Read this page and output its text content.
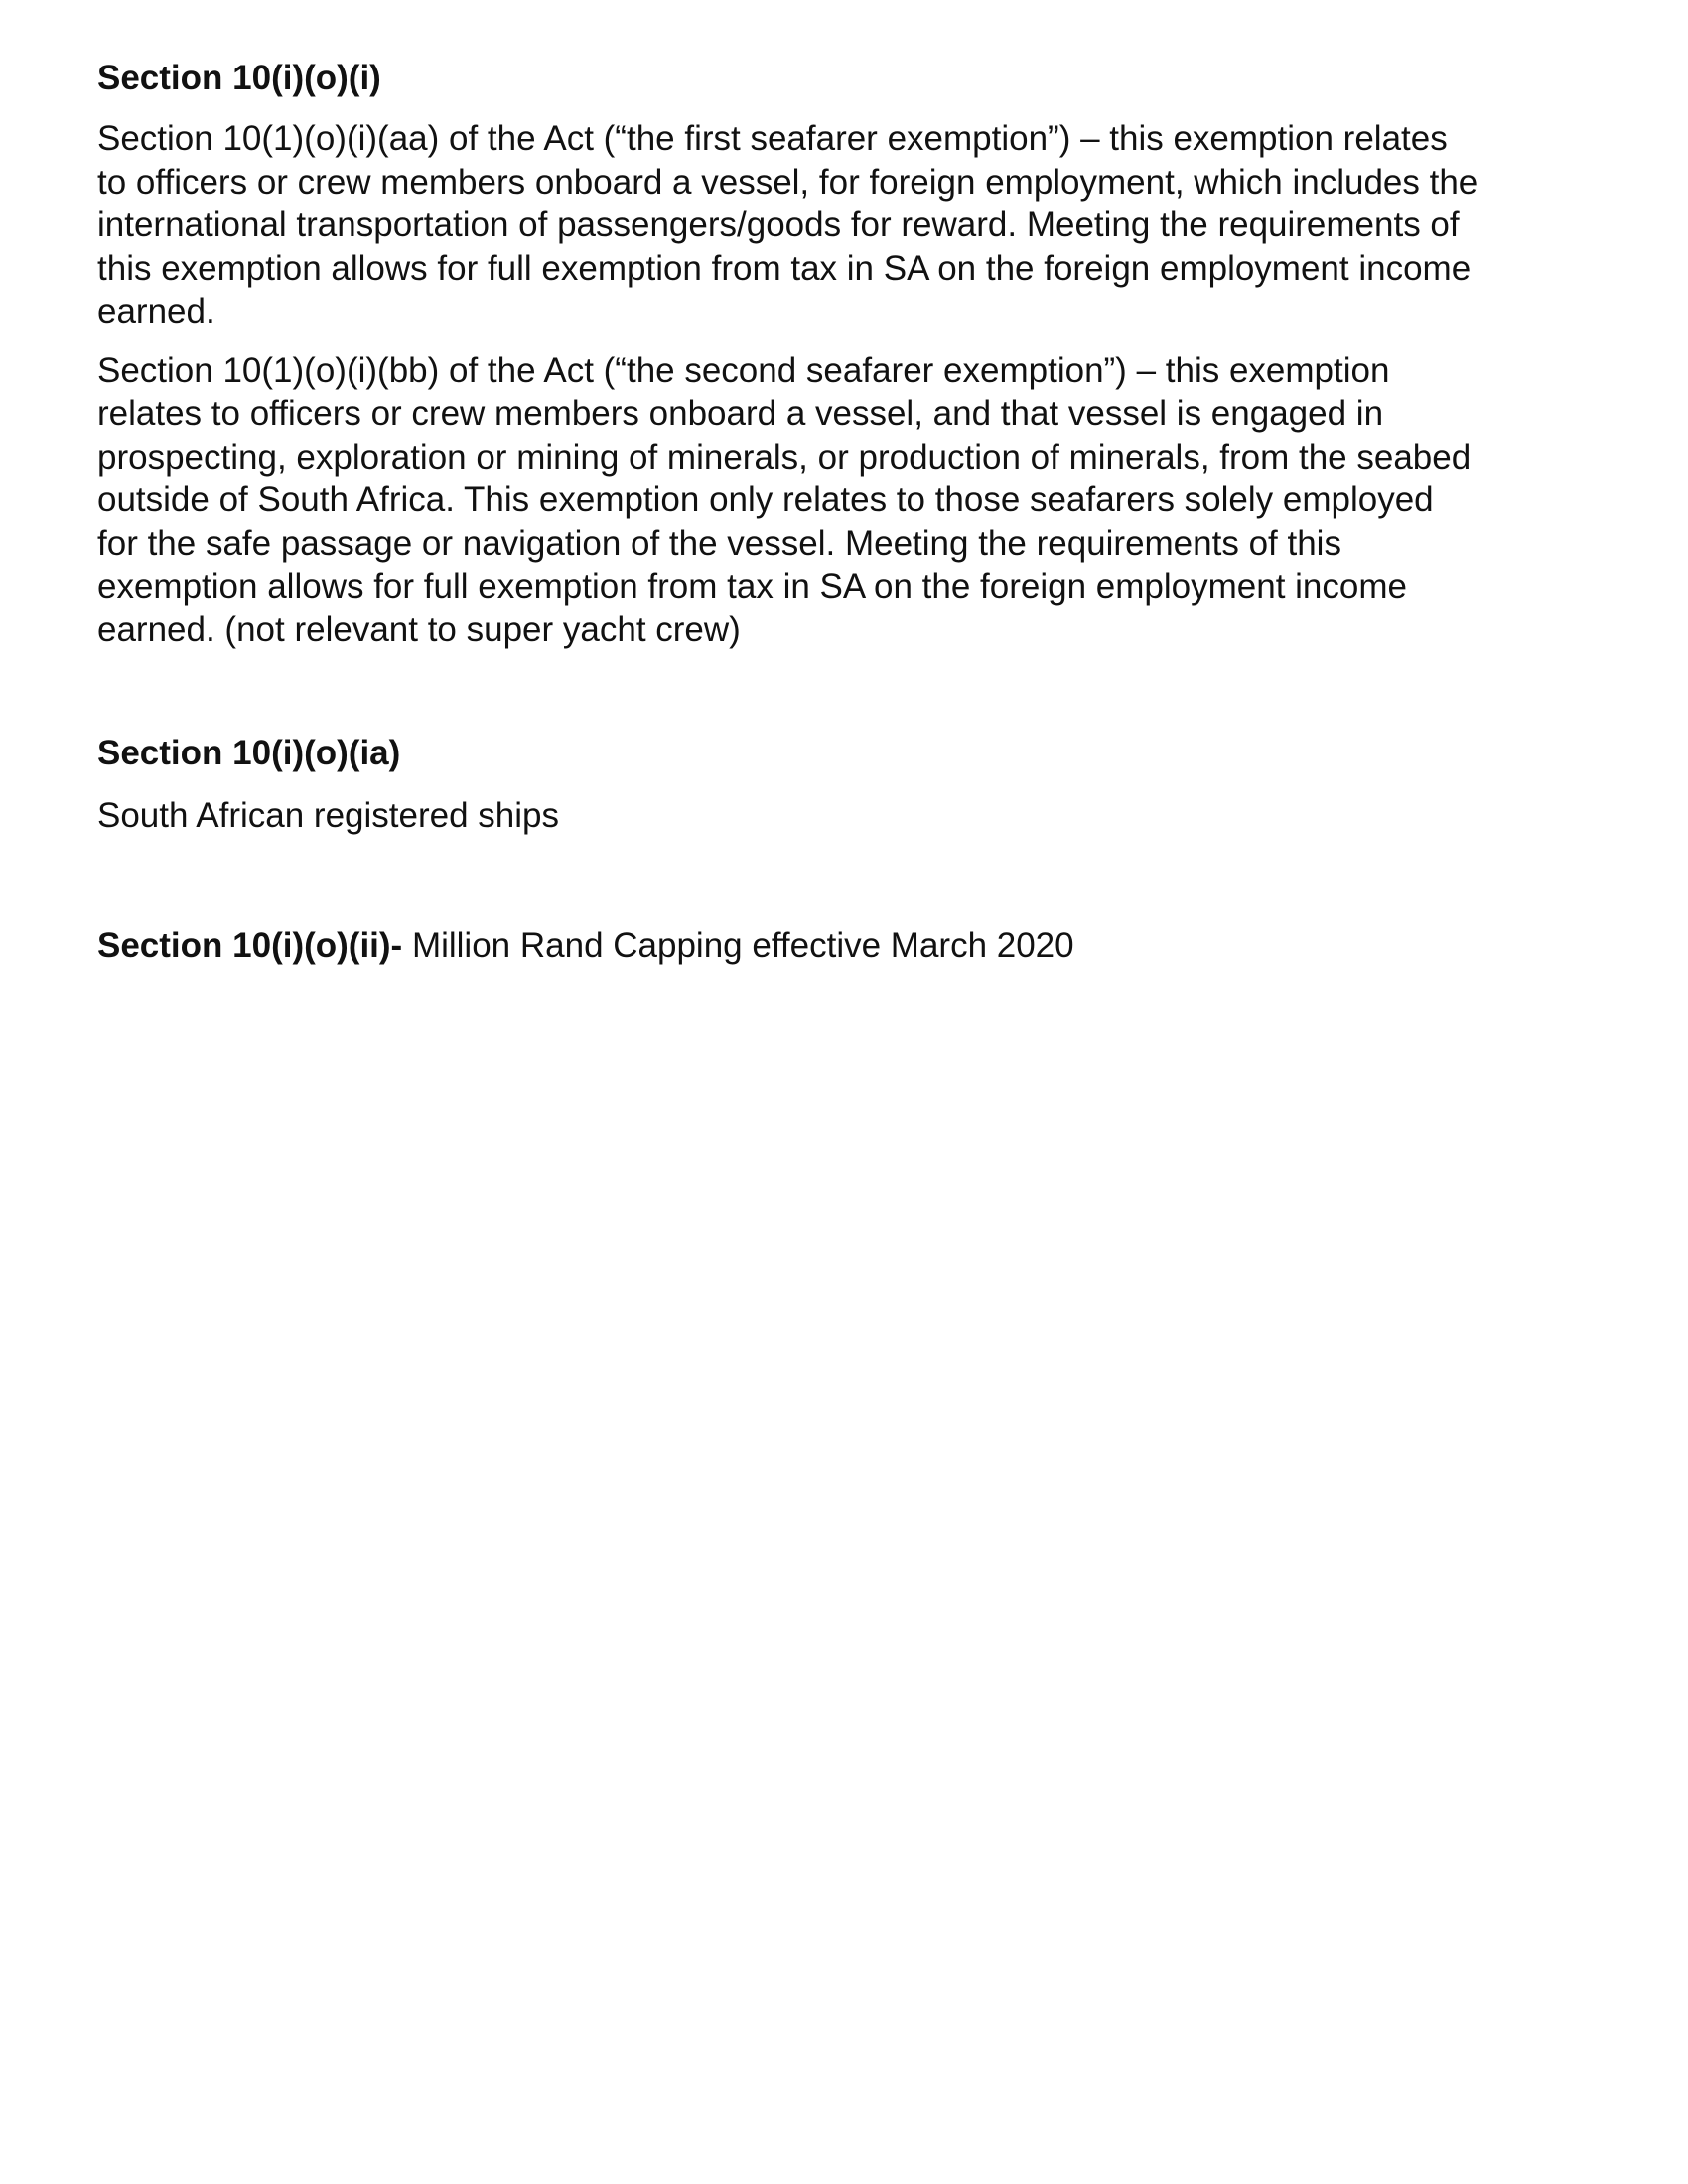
Section 10(i)(o)(i)

Section 10(1)(o)(i)(aa) of the Act (“the first seafarer exemption”) – this exemption relates
to officers or crew members onboard a vessel, for foreign employment, which includes the
international transportation of passengers/goods for reward. Meeting the requirements of
this exemption allows for full exemption from tax in SA on the foreign employment income
earned.

Section 10(1)(o)(i)(bb) of the Act (“the second seafarer exemption”) – this exemption
relates to officers or crew members onboard a vessel, and that vessel is engaged in
prospecting, exploration or mining of minerals, or production of minerals, from the seabed
outside of South Africa. This exemption only relates to those seafarers solely employed
for the safe passage or navigation of the vessel. Meeting the requirements of this
exemption allows for full exemption from tax in SA on the foreign employment income
earned. (not relevant to super yacht crew)

Section 10(i)(o)(ia)

South African registered ships

Section 10(i)(o)(ii)- Million Rand Capping effective March 2020
